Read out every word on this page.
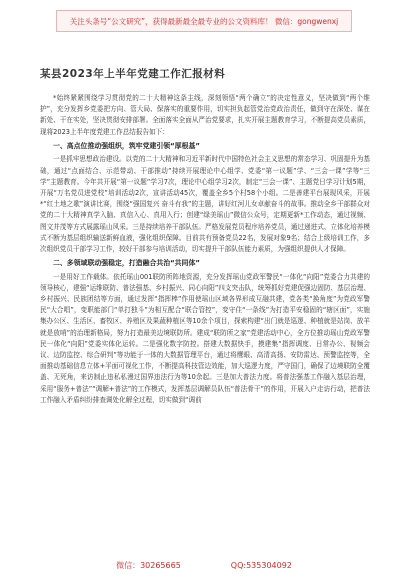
关注头条号“公文研究”，获得最新最全最专业的公文资料库！ 微信：gongwenxj
某县2023年上半年党建工作汇报材料

*始终紧紧围绕学习贯彻党的二十大精神这条主线，深刻领悟“两个确立”的决定性意义，坚决做到“两个维护”，充分发挥乡党委把方向、管大局、保落实的重要作用，切实担负起管党治党政治责任，做到守在深处、谋在新处、干在实处，坚决贯彻安排部署。全面落实全面从严治党要求，扎实开展主题教育学习，不断提高党员素质，现将2023上半年度党建工作总结报告如下：

一、高点位推动强组织，筑牢党建引领“厚根基”

一是抓牢思想政治建设。以党的二十大精神和习近平新时代中国特色社会主义思想的常态学习、巩固提升为基础，通过“点面结合、示范带动、干部推动”持续开展理论中心组学、党委“第一议题”学、“三会一课”学等“三学”主题教育。今年共开展“第一议题”学习7次，理论中心组学习2次，制定“三会一课”、主题党日学习计划5期，开展“万名党员进党校”培训活动2次，宣讲活动45次，覆盖全乡5个村58个小组。二是善建平台展现风采，开展*“红土地之歌”演讲比赛，围绕“强国复兴 奋斗有我”的主题，讲好红河儿女卓献奋斗的故事。推动全乡干部群众对党的二十大精神真学入脑、真信入心、真用入行；创建“绿美瑶山”微信公众号，定期更新*工作动态，通过视频、图文并茂等方式展露瑶山风采。三是持续培养干部队伍。严格发展党员程序培养党员，通过递进式、立体化培养模式不断为基层组织输送新鲜血液，强化组织保障。目前共有预备党员22名，发展对象9名；结合上级培训工作，多次组织党员干部学习工作，较好干部参与培训活动，切实提升干部队伍能力素质，为强组织提供人才保障。

二、多领域联动强稳定，打造融合共治“共同体”

一是用好工作载体。依托瑶山001联防所阵地资源，充分发挥瑶山党政军警民“一体化“向阳”党委合力共建的领导核心，建强“运维联防、普法强基、乡村振兴、同心向阳”四支突击队，统筹抓好党建促强边固防、基层治理、乡村振兴、民族团结等方面，通过发挥“指挥棒”作用使瑶山区域各界形成互融共建，党各类“换角度”为党政军警民“大合唱”，变职能部门“单打独斗”为相互配合“联合管控”，变守住“一条线”为打造平安稳固的“辖区面”，实施集办公区、生活区、畜牧区、养殖区及果蔬种植区等10余个项目，探索构建“出门就是巡逻、种植就是站岗、放羊就是放哨”的治理新格局，努力打造最美边境联防所。建成“联防所之家”党建活动中心，全方位推动瑶山党政军警民一体化“向阳”党委实体化运转。二是强化数字防控。搭建大数据快手，摸建集“指挥调度、日常办公、视频会议、边防监控、综合研判”等功能于一体的大数据管理平台，通过将鹰眼、高清高扬、安防雷达、预警监控等，全面推动基础信息立体+平面可视化工作，不断提高科技管边效能，加大巡逻力度，严守国门，确保了边境联防全覆盖、无死角，来访制止违私私漫过国界违法行为等10余起。三是加大普法力度。将普法强基工作融入基层治理，采用“服务+普法”“调解+普法”的工作模式，发挥基层调解员队伍“普法骨干”的作用，开展入户走访行动，把普法工作融入矛盾纠纷排查调处化解全过程，切实做到“调前

微信：30265665	QQ:535304092
